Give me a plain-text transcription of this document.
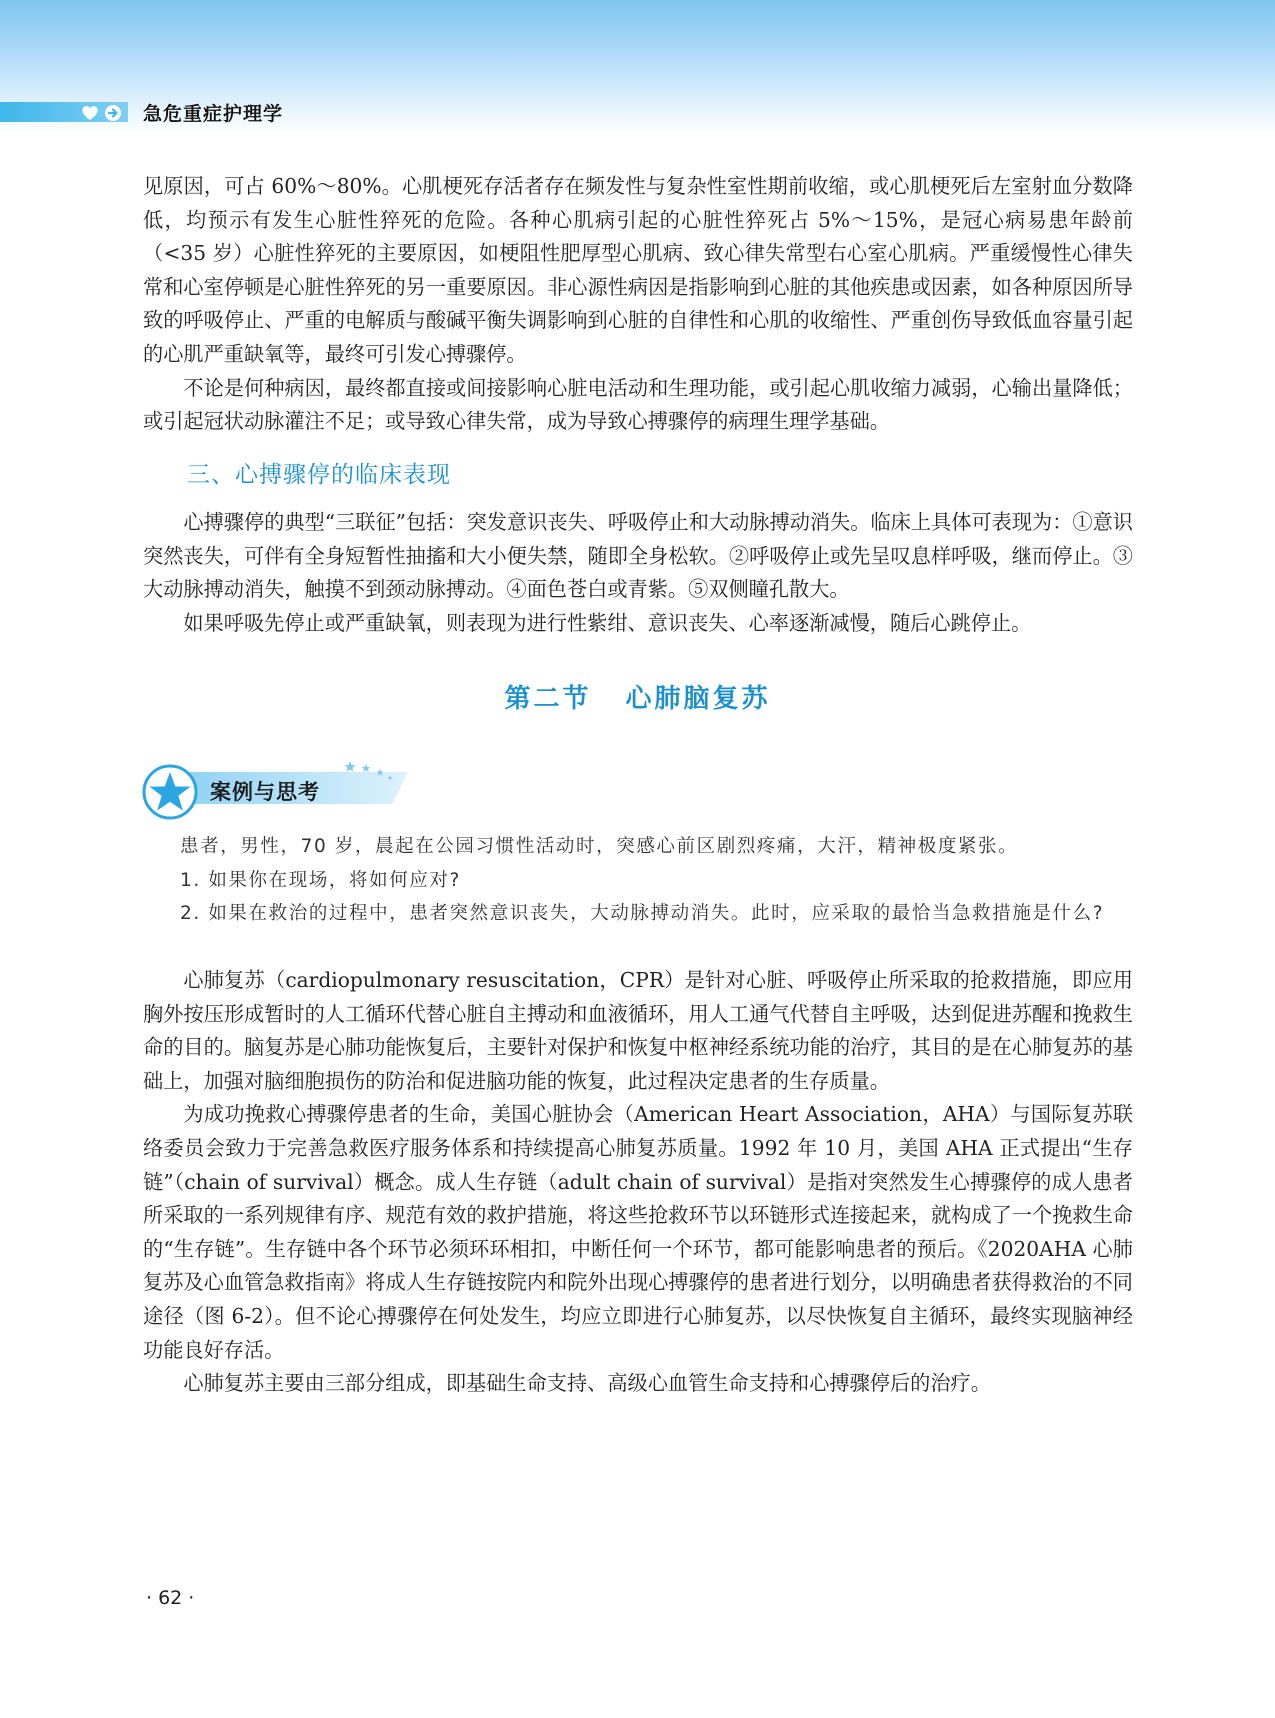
急危重症护理学

见原因，可占 60%～80%。心肌梗死存活者存在频发性与复杂性室性期前收缩，或心肌梗死后左室射血分数降低，均预示有发生心脏性猝死的危险。各种心肌病引起的心脏性猝死占 5%～15%，是冠心病易患年龄前（<35 岁）心脏性猝死的主要原因，如梗阻性肥厚型心肌病、致心律失常型右心室心肌病。严重缓慢性心律失常和心室停顿是心脏性猝死的另一重要原因。非心源性病因是指影响到心脏的其他疾患或因素，如各种原因所导致的呼吸停止、严重的电解质与酸碱平衡失调影响到心脏的自律性和心肌的收缩性、严重创伤导致低血容量引起的心肌严重缺氧等，最终可引发心搏骤停。

不论是何种病因，最终都直接或间接影响心脏电活动和生理功能，或引起心肌收缩力减弱，心输出量降低；或引起冠状动脉灌注不足；或导致心律失常，成为导致心搏骤停的病理生理学基础。

三、心搏骤停的临床表现

心搏骤停的典型“三联征”包括：突发意识丧失、呼吸停止和大动脉搏动消失。临床上具体可表现为：①意识突然丧失，可伴有全身短暂性抽搐和大小便失禁，随即全身松软。②呼吸停止或先呈叹息样呼吸，继而停止。③大动脉搏动消失，触摸不到颈动脉搏动。④面色苍白或青紫。⑤双侧瞳孔散大。

如果呼吸先停止或严重缺氧，则表现为进行性紫绀、意识丧失、心率逐渐减慢，随后心跳停止。

第二节 心肺脑复苏
案例与思考

患者，男性，70 岁，晨起在公园习惯性活动时，突感心前区剧烈疼痛，大汗，精神极度紧张。

1. 如果你在现场，将如何应对?

2. 如果在救治的过程中，患者突然意识丧失，大动脉搏动消失。此时，应采取的最恰当急救措施是什么?

心肺复苏（cardiopulmonary resuscitation，CPR）是针对心脏、呼吸停止所采取的抢救措施，即应用胸外按压形成暂时的人工循环代替心脏自主搏动和血液循环，用人工通气代替自主呼吸，达到促进苏醒和挽救生命的目的。脑复苏是心肺功能恢复后，主要针对保护和恢复中枢神经系统功能的治疗，其目的是在心肺复苏的基础上，加强对脑细胞损伤的防治和促进脑功能的恢复，此过程决定患者的生存质量。

为成功挽救心搏骤停患者的生命，美国心脏协会（American Heart Association，AHA）与国际复苏联络委员会致力于完善急救医疗服务体系和持续提高心肺复苏质量。1992 年 10 月，美国 AHA 正式提出“生存链”（chain of survival）概念。成人生存链（adult chain of survival）是指对突然发生心搏骤停的成人患者所采取的一系列规律有序、规范有效的救护措施，将这些抢救环节以环链形式连接起来，就构成了一个挽救生命的“生存链”。生存链中各个环节必须环环相扣，中断任何一个环节，都可能影响患者的预后。《2020AHA 心肺复苏及心血管急救指南》将成人生存链按院内和院外出现心搏骤停的患者进行划分，以明确患者获得救治的不同途径（图 6-2）。但不论心搏骤停在何处发生，均应立即进行心肺复苏，以尽快恢复自主循环，最终实现脑神经功能良好存活。

心肺复苏主要由三部分组成，即基础生命支持、高级心血管生命支持和心搏骤停后的治疗。

· 62 ·
